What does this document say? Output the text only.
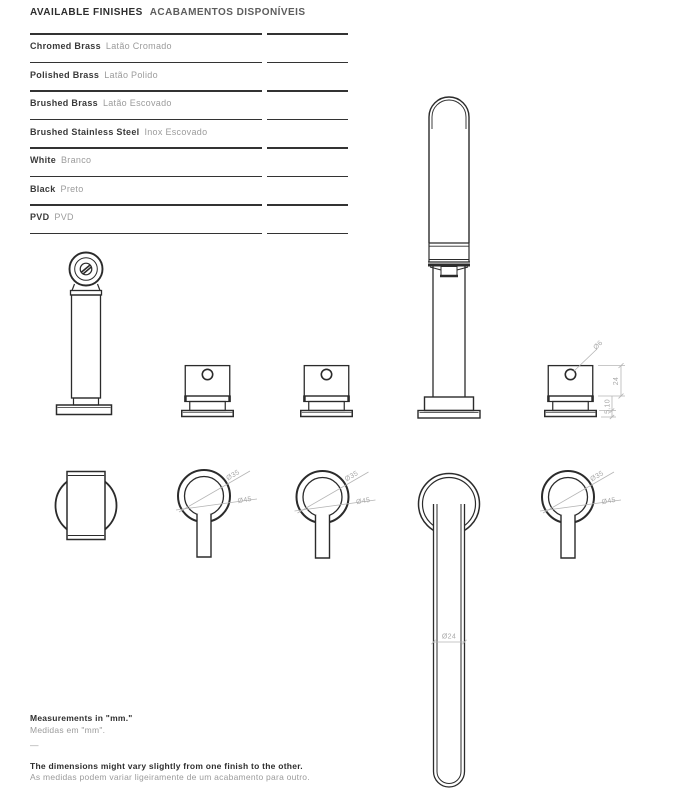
AVAILABLE FINISHES ACABAMENTOS DISPONÍVEIS
Chromed Brass Latão Cromado
Polished Brass Latão Polido
Brushed Brass Latão Escovado
Brushed Stainless Steel Inox Escovado
White Branco
Black Preto
PVD PVD
Ø6
24
5,10
Ø35
Ø45
Ø35
Ø45
Ø35
Ø45
Ø24
Measurements in "mm."
Medidas em "mm".
—
The dimensions might vary slightly from one finish to the other.
As medidas podem variar ligeiramente de um acabamento para outro.
